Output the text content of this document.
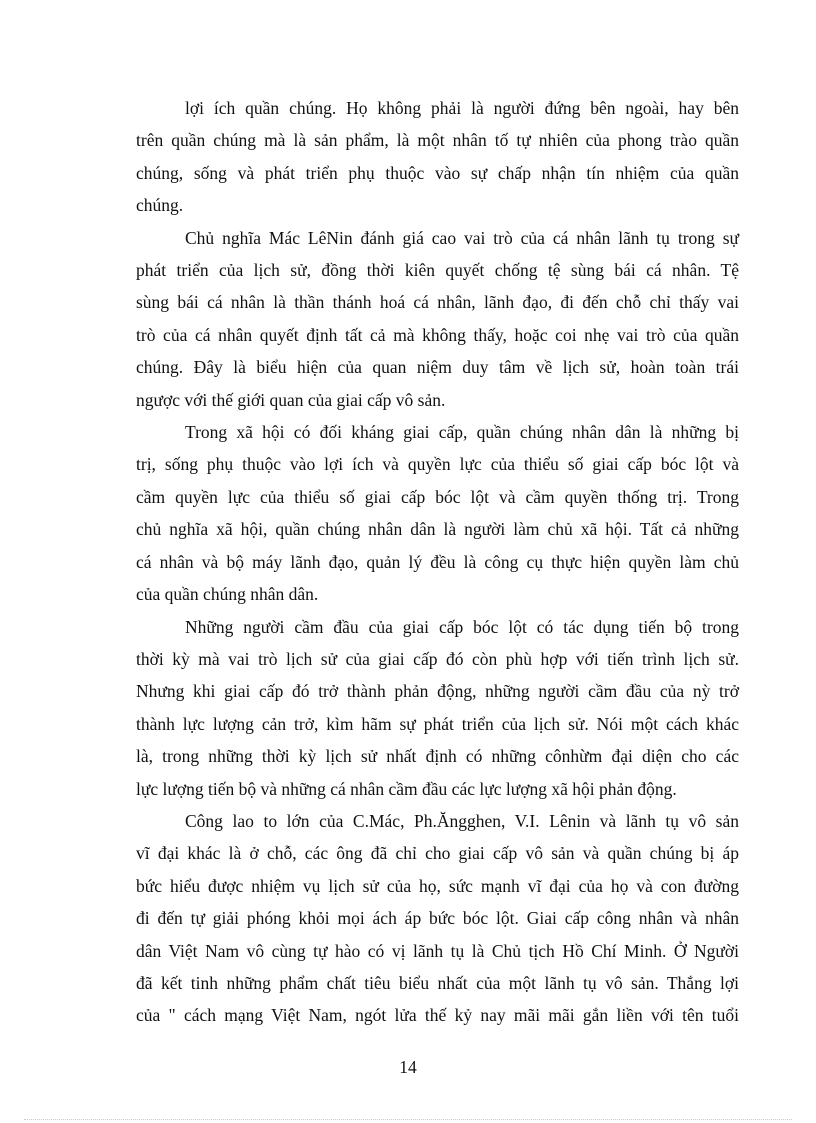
lợi ích quần chúng. Họ không phải là người đứng bên ngoài, hay bên
trên quần chúng mà là sản phẩm, là một nhân tố tự nhiên của phong trào quần
chúng, sống và phát triển phụ thuộc vào sự chấp nhận tín nhiệm của quần
chúng.
Chủ nghĩa Mác LêNin đánh giá cao vai trò của cá nhân lãnh tụ trong sự
phát triển của lịch sử, đồng thời kiên quyết chống tệ sùng bái cá nhân. Tệ
sùng bái cá nhân là thần thánh hoá cá nhân, lãnh đạo, đi đến chỗ chỉ thấy vai
trò của cá nhân quyết định tất cả mà không thấy, hoặc coi nhẹ vai trò của quần
chúng. Đây là biểu hiện của quan niệm duy tâm về lịch sử, hoàn toàn trái
ngược với thế giới quan của giai cấp vô sản.
Trong xã hội có đối kháng giai cấp, quần chúng nhân dân là những bị
trị, sống phụ thuộc vào lợi ích và quyền lực của thiểu số giai cấp bóc lột và
cầm quyền lực của thiểu số giai cấp bóc lột và cầm quyền thống trị. Trong
chủ nghĩa xã hội, quần chúng nhân dân là người làm chủ xã hội. Tất cả những
cá nhân và bộ máy lãnh đạo, quản lý đều là công cụ thực hiện quyền làm chủ
của quần chúng nhân dân.
Những người cầm đầu của giai cấp bóc lột có tác dụng tiến bộ trong
thời kỳ mà vai trò lịch sử của giai cấp đó còn phù hợp với tiến trình lịch sử.
Nhưng khi giai cấp đó trở thành phản động, những người cầm đầu của nỳ trở
thành lực lượng cản trở, kìm hãm sự phát triển của lịch sử. Nói một cách khác
là, trong những thời kỳ lịch sử nhất định có những cônhừm đại diện cho các
lực lượng tiến bộ và những cá nhân cầm đầu các lực lượng xã hội phản động.
Công lao to lớn của C.Mác, Ph.Ăngghen, V.I. Lênin và lãnh tụ vô sản
vĩ đại khác là ở chỗ, các ông đã chỉ cho giai cấp vô sản và quần chúng bị áp
bức hiểu được nhiệm vụ lịch sử của họ, sức mạnh vĩ đại của họ và con đường
đi đến tự giải phóng khỏi mọi ách áp bức bóc lột. Giai cấp công nhân và nhân
dân Việt Nam vô cùng tự hào có vị lãnh tụ là Chủ tịch Hồ Chí Minh. Ở Người
đã kết tinh những phẩm chất tiêu biểu nhất của một lãnh tụ vô sản. Thắng lợi
của " cách mạng Việt Nam, ngót lửa thế kỷ nay mãi mãi gắn liền với tên tuổi
14
